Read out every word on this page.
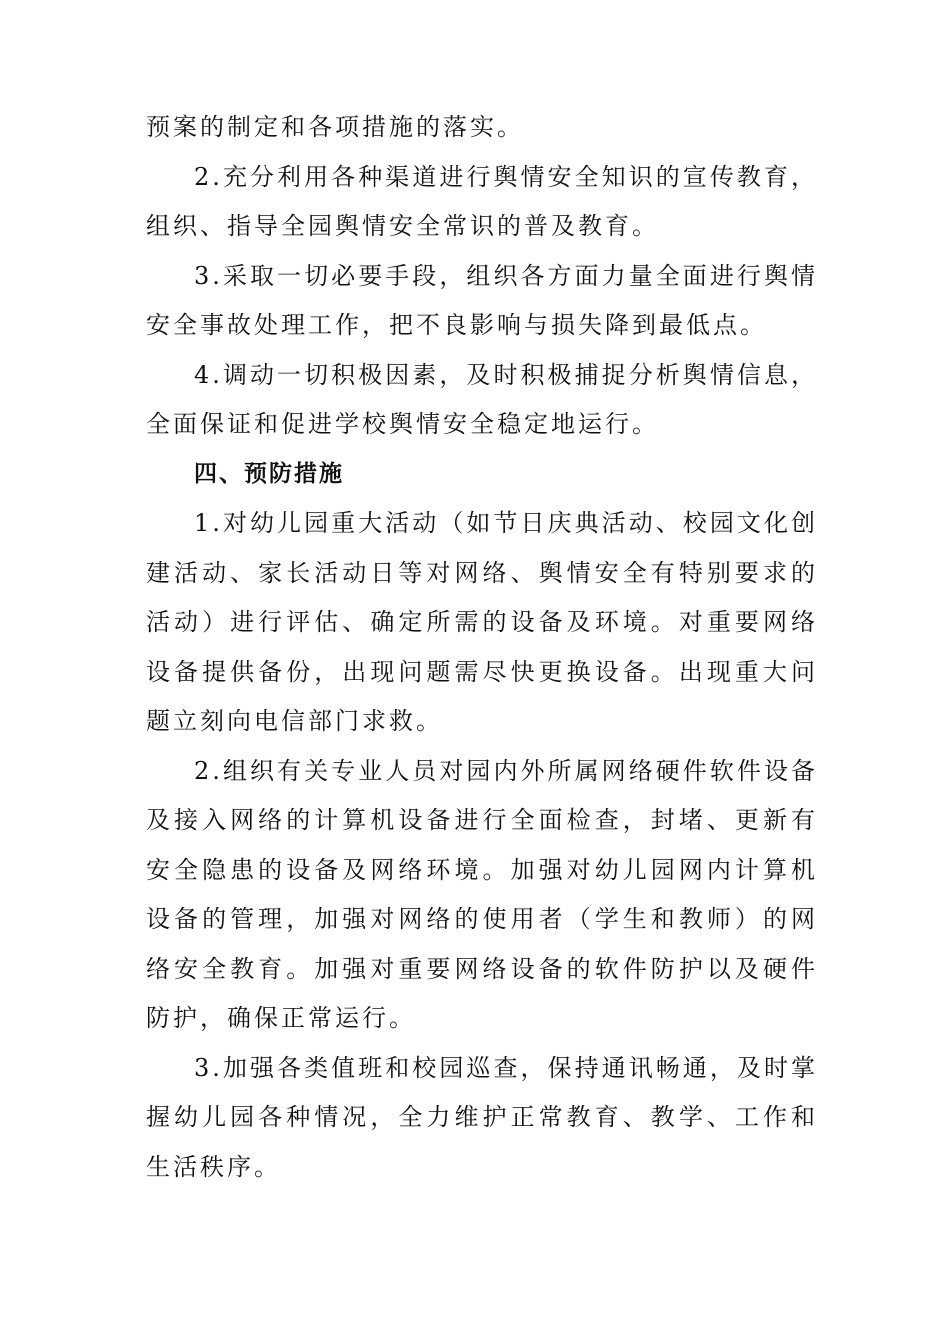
预案的制定和各项措施的落实。

2.充分利用各种渠道进行舆情安全知识的宣传教育，组织、指导全园舆情安全常识的普及教育。

3.采取一切必要手段，组织各方面力量全面进行舆情安全事故处理工作，把不良影响与损失降到最低点。

4.调动一切积极因素，及时积极捕捉分析舆情信息，全面保证和促进学校舆情安全稳定地运行。

四、预防措施

1.对幼儿园重大活动（如节日庆典活动、校园文化创建活动、家长活动日等对网络、舆情安全有特别要求的活动）进行评估、确定所需的设备及环境。对重要网络设备提供备份，出现问题需尽快更换设备。出现重大问题立刻向电信部门求救。

2.组织有关专业人员对园内外所属网络硬件软件设备及接入网络的计算机设备进行全面检查，封堵、更新有安全隐患的设备及网络环境。加强对幼儿园网内计算机设备的管理，加强对网络的使用者（学生和教师）的网络安全教育。加强对重要网络设备的软件防护以及硬件防护，确保正常运行。

3.加强各类值班和校园巡查，保持通讯畅通，及时掌握幼儿园各种情况，全力维护正常教育、教学、工作和生活秩序。
